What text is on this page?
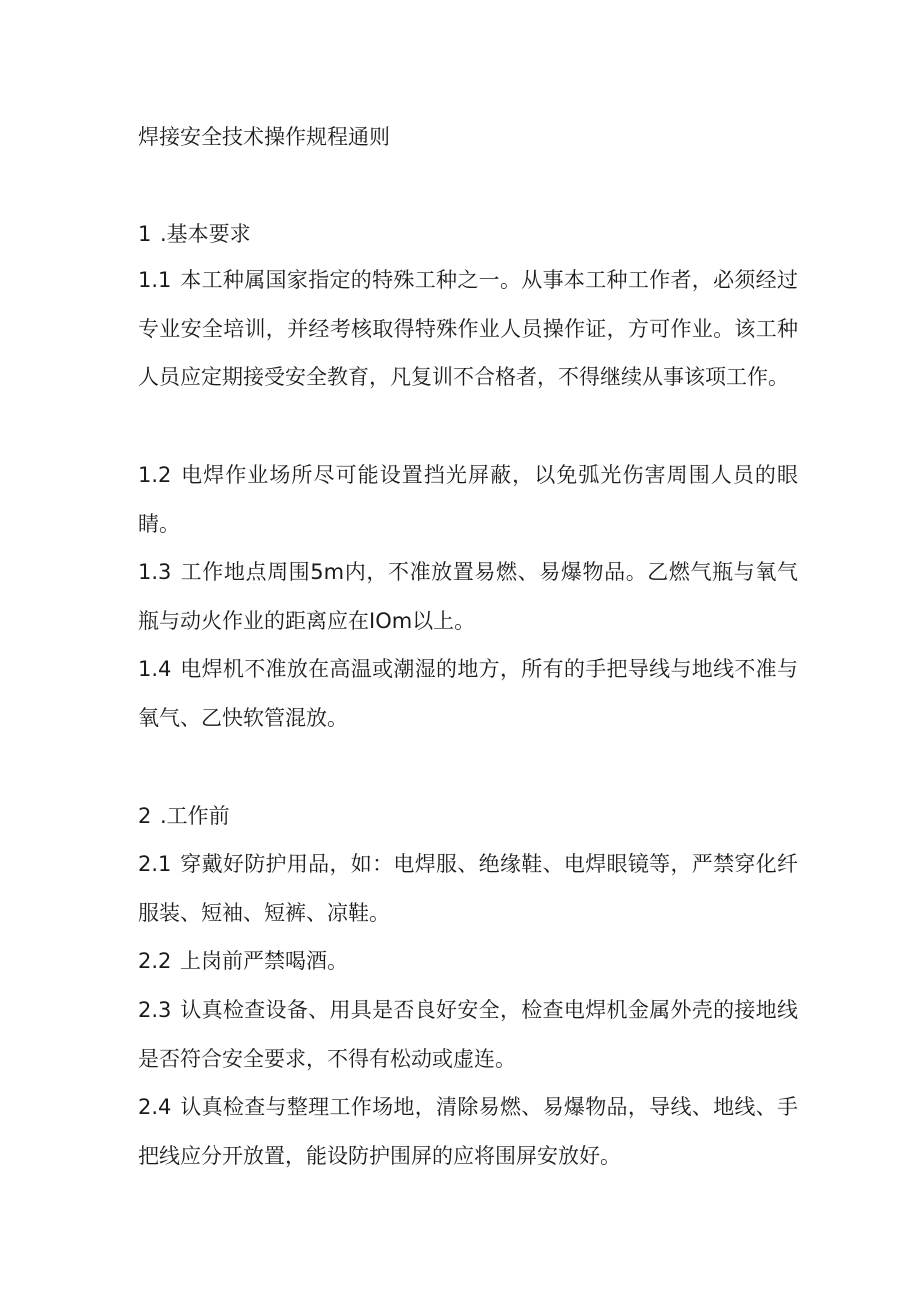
焊接安全技术操作规程通则
1 .基本要求

1.1 本工种属国家指定的特殊工种之一。从事本工种工作者，必须经过专业安全培训，并经考核取得特殊作业人员操作证，方可作业。该工种人员应定期接受安全教育，凡复训不合格者，不得继续从事该项工作。

1.2 电焊作业场所尽可能设置挡光屏蔽，以免弧光伤害周围人员的眼睛。

1.3 工作地点周围5m内，不准放置易燃、易爆物品。乙燃气瓶与氧气瓶与动火作业的距离应在IOm以上。

1.4 电焊机不准放在高温或潮湿的地方，所有的手把导线与地线不准与氧气、乙快软管混放。

2 .工作前

2.1 穿戴好防护用品，如：电焊服、绝缘鞋、电焊眼镜等，严禁穿化纤服装、短袖、短裤、凉鞋。

2.2 上岗前严禁喝酒。

2.3 认真检查设备、用具是否良好安全，检查电焊机金属外壳的接地线是否符合安全要求，不得有松动或虚连。

2.4 认真检查与整理工作场地，清除易燃、易爆物品，导线、地线、手把线应分开放置，能设防护围屏的应将围屏安放好。
